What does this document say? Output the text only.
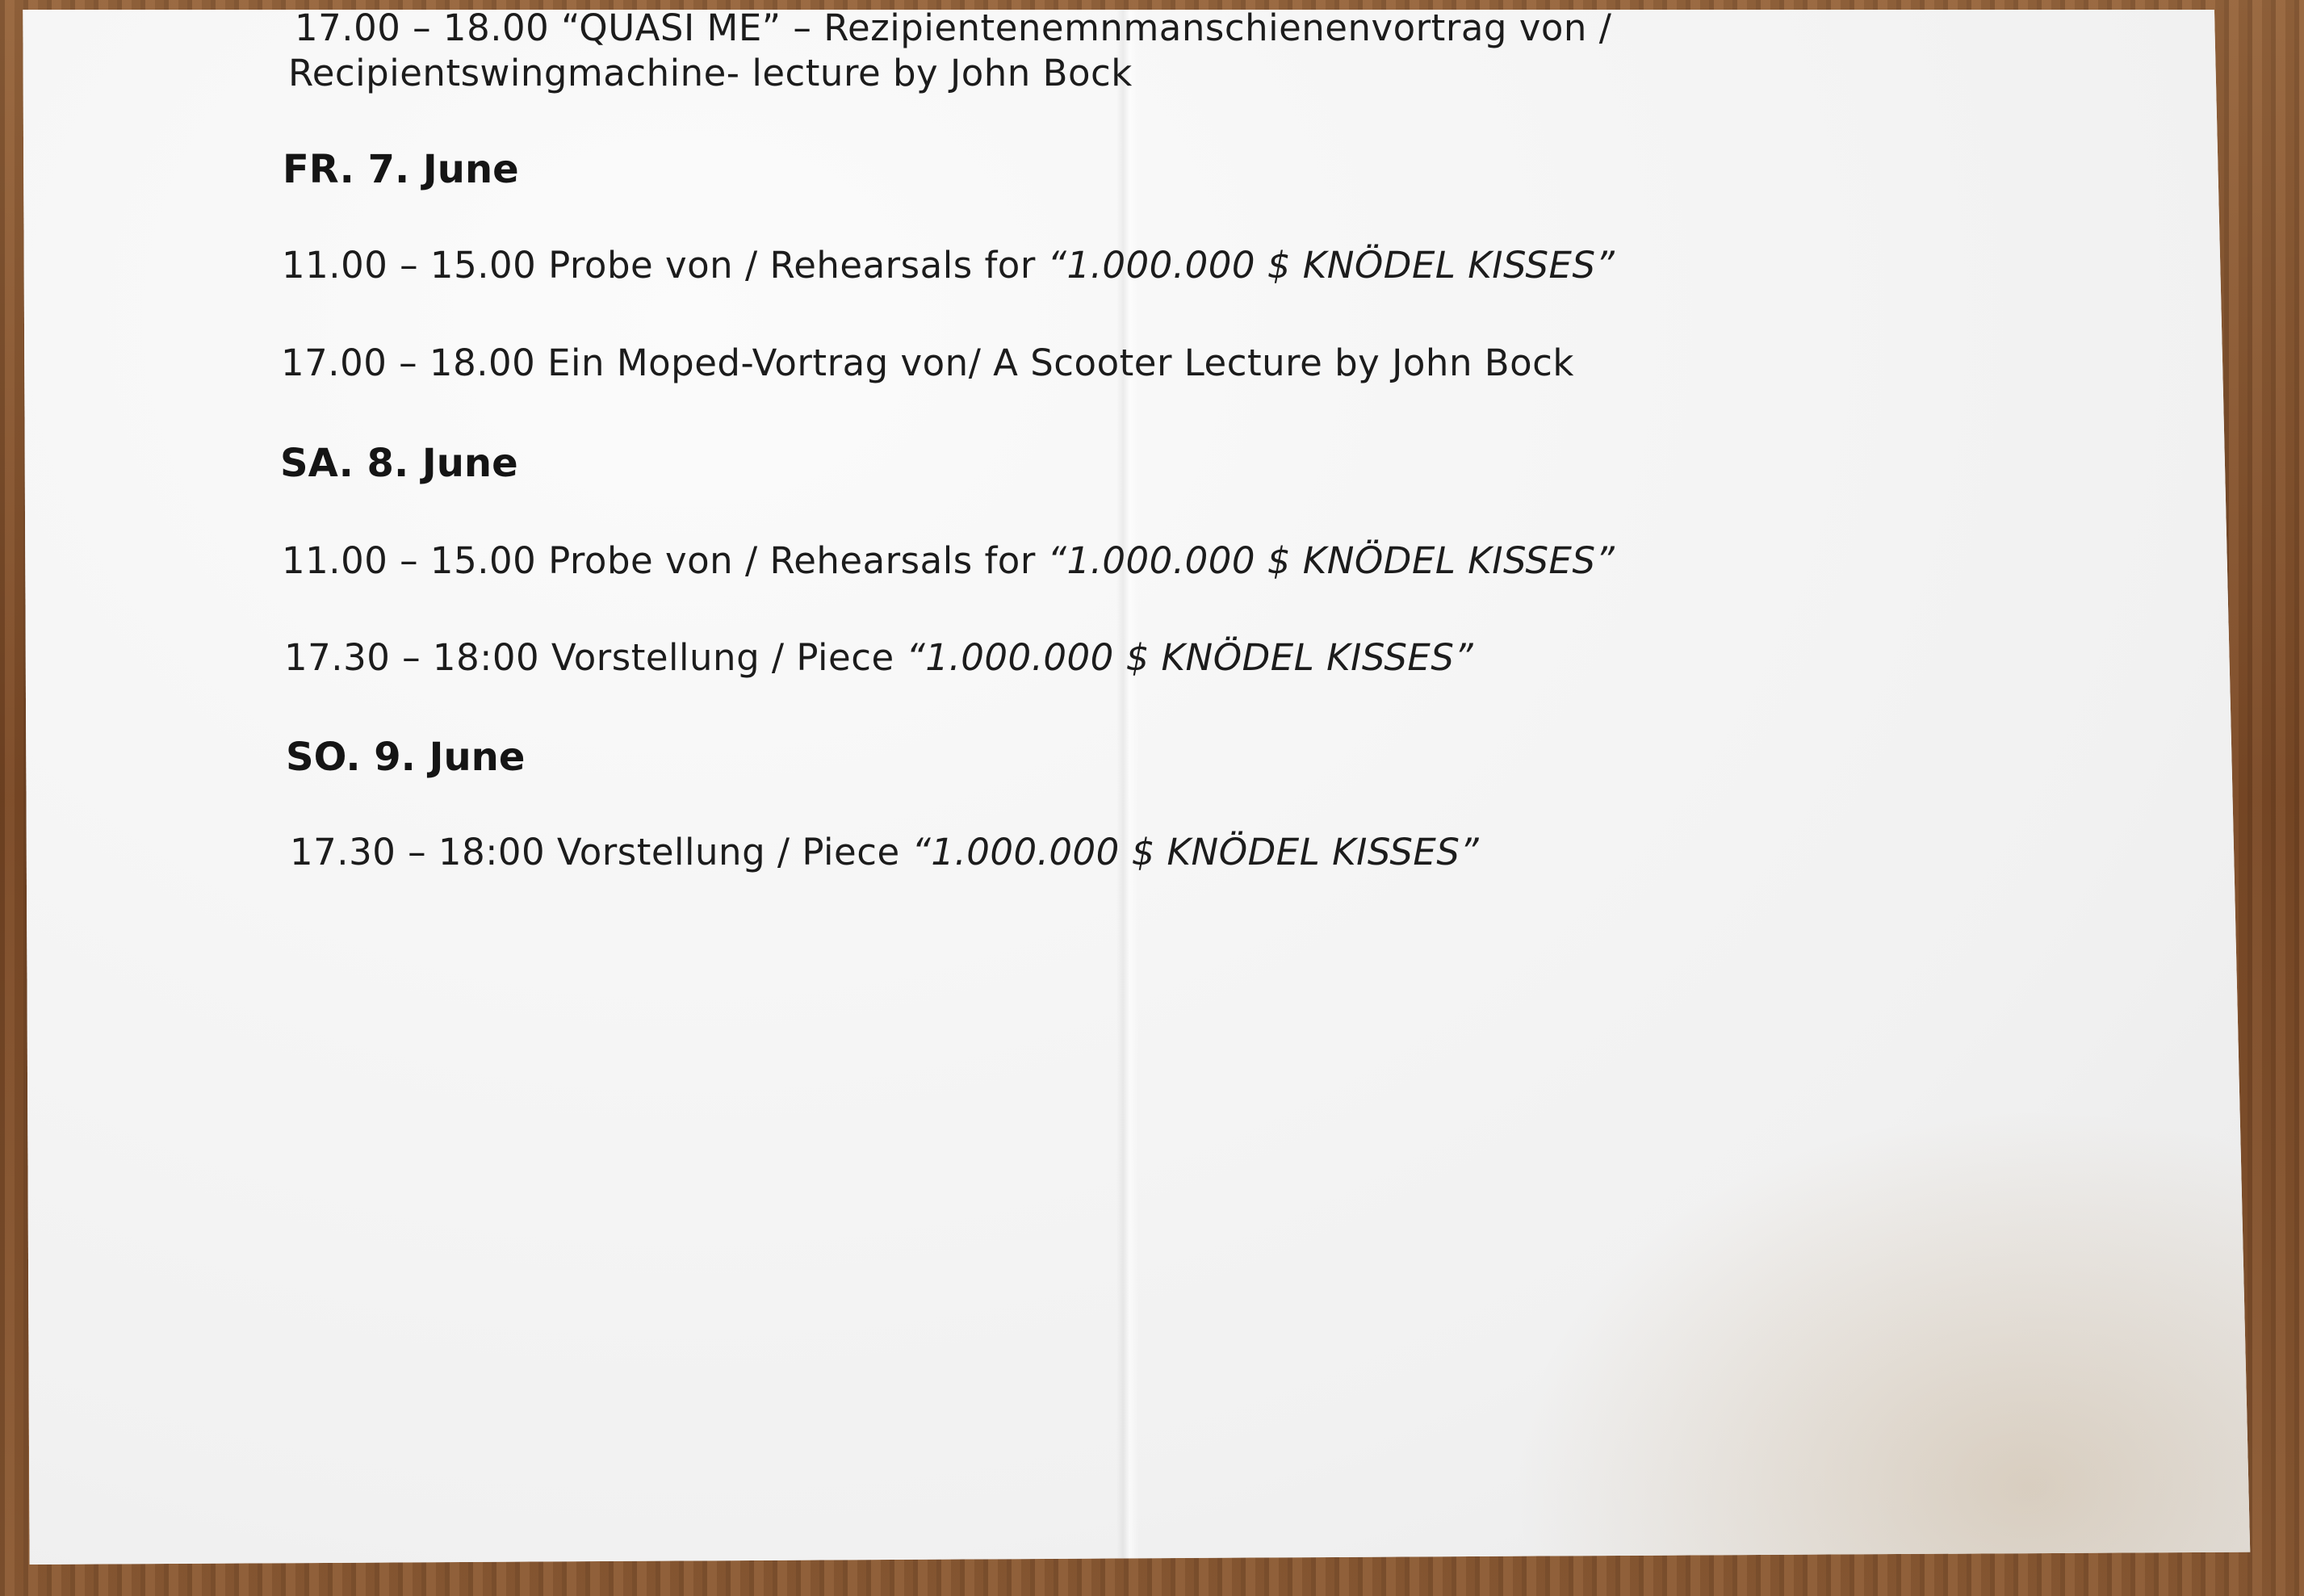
17.00 – 18.00 “QUASI ME” – Rezipientenemnmanschienenvortrag von /
Recipientswingmachine- lecture by John Bock
FR. 7. June
11.00 – 15.00 Probe von / Rehearsals for “1.000.000 $ KNÖDEL KISSES”
17.00 – 18.00 Ein Moped-Vortrag von/ A Scooter Lecture by John Bock
SA. 8. June
11.00 – 15.00 Probe von / Rehearsals for “1.000.000 $ KNÖDEL KISSES”
17.30 – 18:00 Vorstellung / Piece “1.000.000 $ KNÖDEL KISSES”
SO. 9. June
17.30 – 18:00 Vorstellung / Piece “1.000.000 $ KNÖDEL KISSES”
